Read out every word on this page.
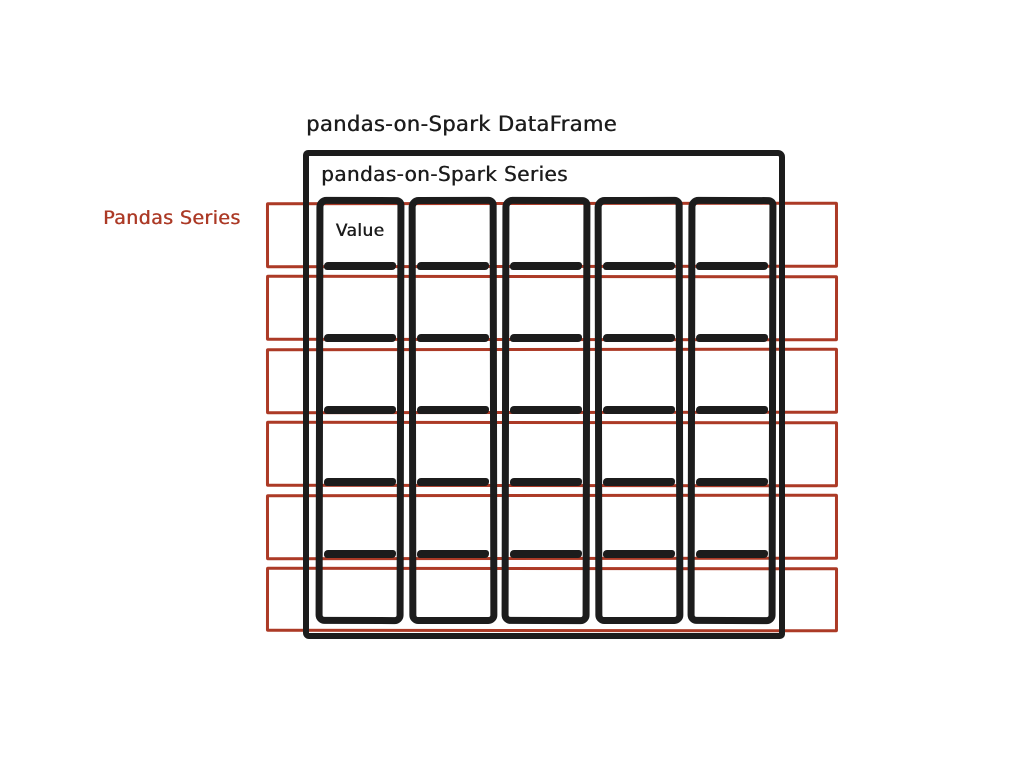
pandas-on-Spark DataFrame
pandas-on-Spark Series
Pandas Series
Value
